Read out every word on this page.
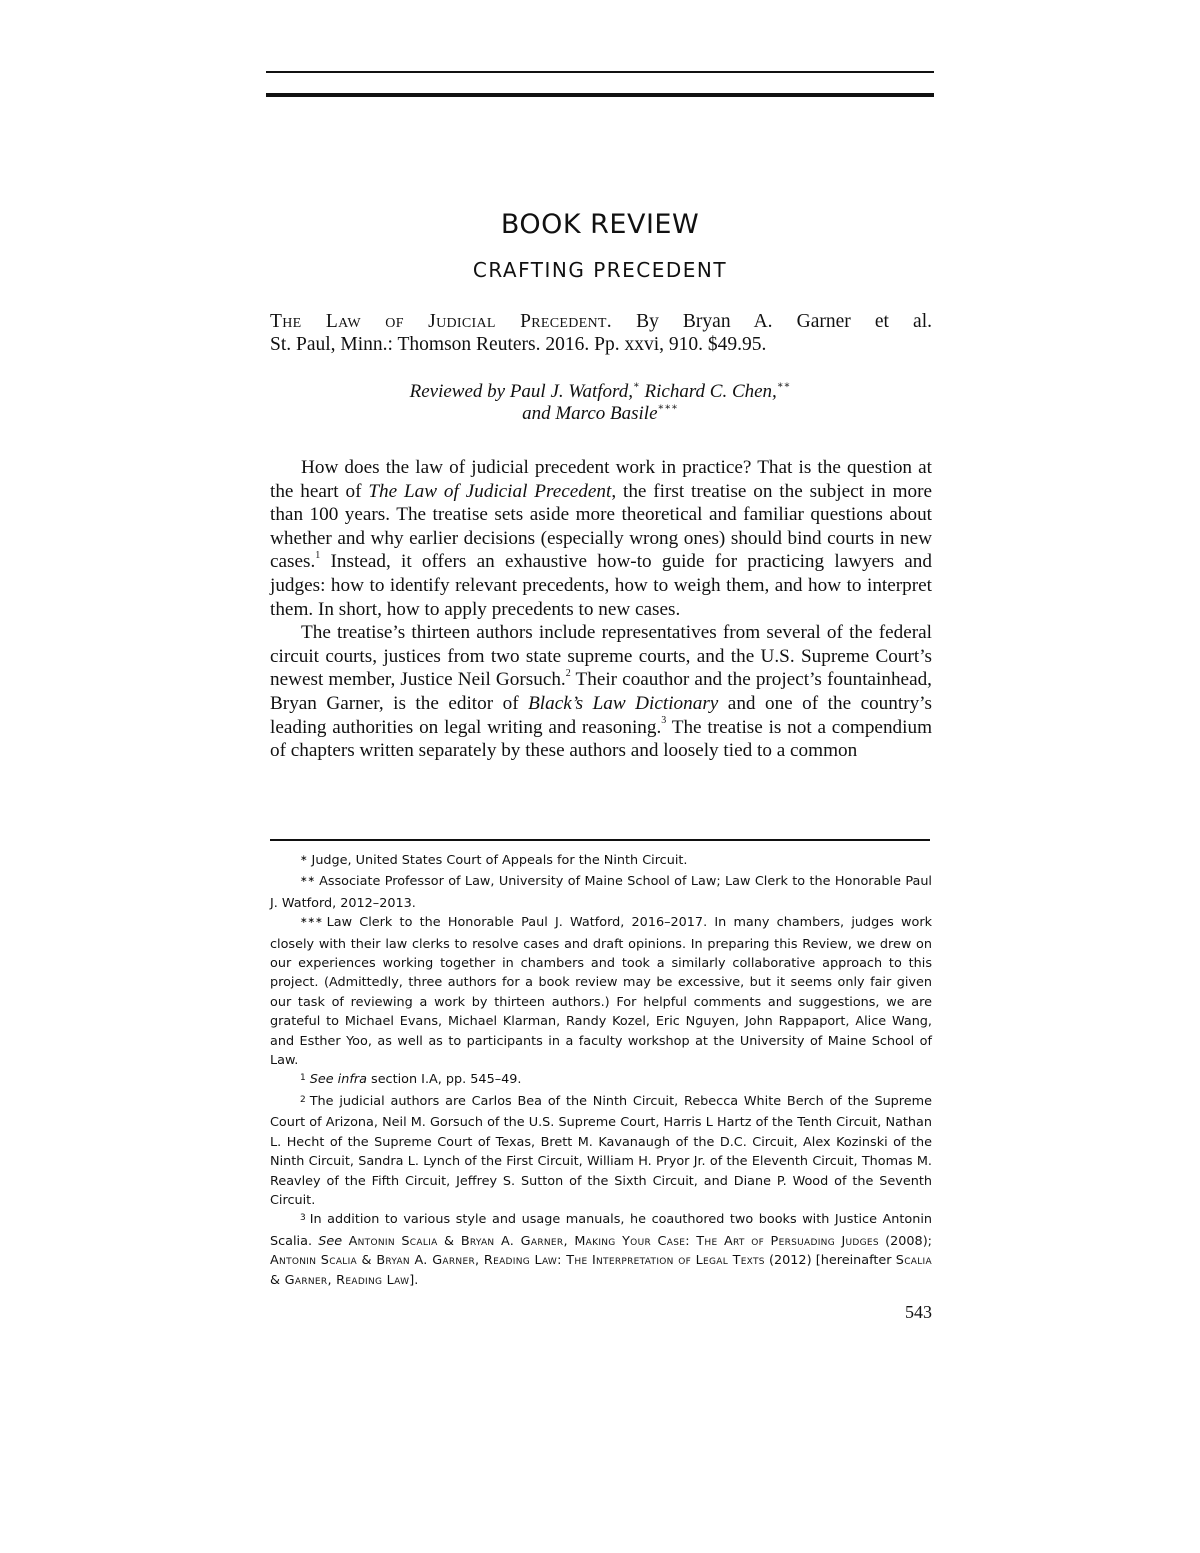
BOOK REVIEW
CRAFTING PRECEDENT
The Law of Judicial Precedent. By Bryan A. Garner et al.
St. Paul, Minn.: Thomson Reuters. 2016. Pp. xxvi, 910. $49.95.
Reviewed by Paul J. Watford,∗ Richard C. Chen,∗∗
and Marco Basile∗∗∗

How does the law of judicial precedent work in practice? That is the question at the heart of The Law of Judicial Precedent, the first treatise on the subject in more than 100 years. The treatise sets aside more theoretical and familiar questions about whether and why earlier decisions (especially wrong ones) should bind courts in new cases.$^1$ Instead, it offers an exhaustive how-to guide for practicing lawyers and judges: how to identify relevant precedents, how to weigh them, and how to interpret them. In short, how to apply precedents to new cases.

The treatise’s thirteen authors include representatives from several of the federal circuit courts, justices from two state supreme courts, and the U.S. Supreme Court’s newest member, Justice Neil Gorsuch.$^2$ Their coauthor and the project’s fountainhead, Bryan Garner, is the editor of Black’s Law Dictionary and one of the country’s leading authorities on legal writing and reasoning.$^3$ The treatise is not a compendium of chapters written separately by these authors and loosely tied to a common

∗ Judge, United States Court of Appeals for the Ninth Circuit.

∗∗ Associate Professor of Law, University of Maine School of Law; Law Clerk to the Honorable Paul J. Watford, 2012–2013.

∗∗∗ Law Clerk to the Honorable Paul J. Watford, 2016–2017. In many chambers, judges work closely with their law clerks to resolve cases and draft opinions. In preparing this Review, we drew on our experiences working together in chambers and took a similarly collaborative approach to this project. (Admittedly, three authors for a book review may be excessive, but it seems only fair given our task of reviewing a work by thirteen authors.) For helpful comments and suggestions, we are grateful to Michael Evans, Michael Klarman, Randy Kozel, Eric Nguyen, John Rappaport, Alice Wang, and Esther Yoo, as well as to participants in a faculty workshop at the University of Maine School of Law.

$^1$ See infra section I.A, pp. 545–49.

$^2$ The judicial authors are Carlos Bea of the Ninth Circuit, Rebecca White Berch of the Supreme Court of Arizona, Neil M. Gorsuch of the U.S. Supreme Court, Harris L Hartz of the Tenth Circuit, Nathan L. Hecht of the Supreme Court of Texas, Brett M. Kavanaugh of the D.C. Circuit, Alex Kozinski of the Ninth Circuit, Sandra L. Lynch of the First Circuit, William H. Pryor Jr. of the Eleventh Circuit, Thomas M. Reavley of the Fifth Circuit, Jeffrey S. Sutton of the Sixth Circuit, and Diane P. Wood of the Seventh Circuit.

$^3$ In addition to various style and usage manuals, he coauthored two books with Justice Antonin Scalia. See Antonin Scalia & Bryan A. Garner, Making Your Case: The Art of Persuading Judges (2008); Antonin Scalia & Bryan A. Garner, Reading Law: The Interpretation of Legal Texts (2012) [hereinafter Scalia & Garner, Reading Law].

543
